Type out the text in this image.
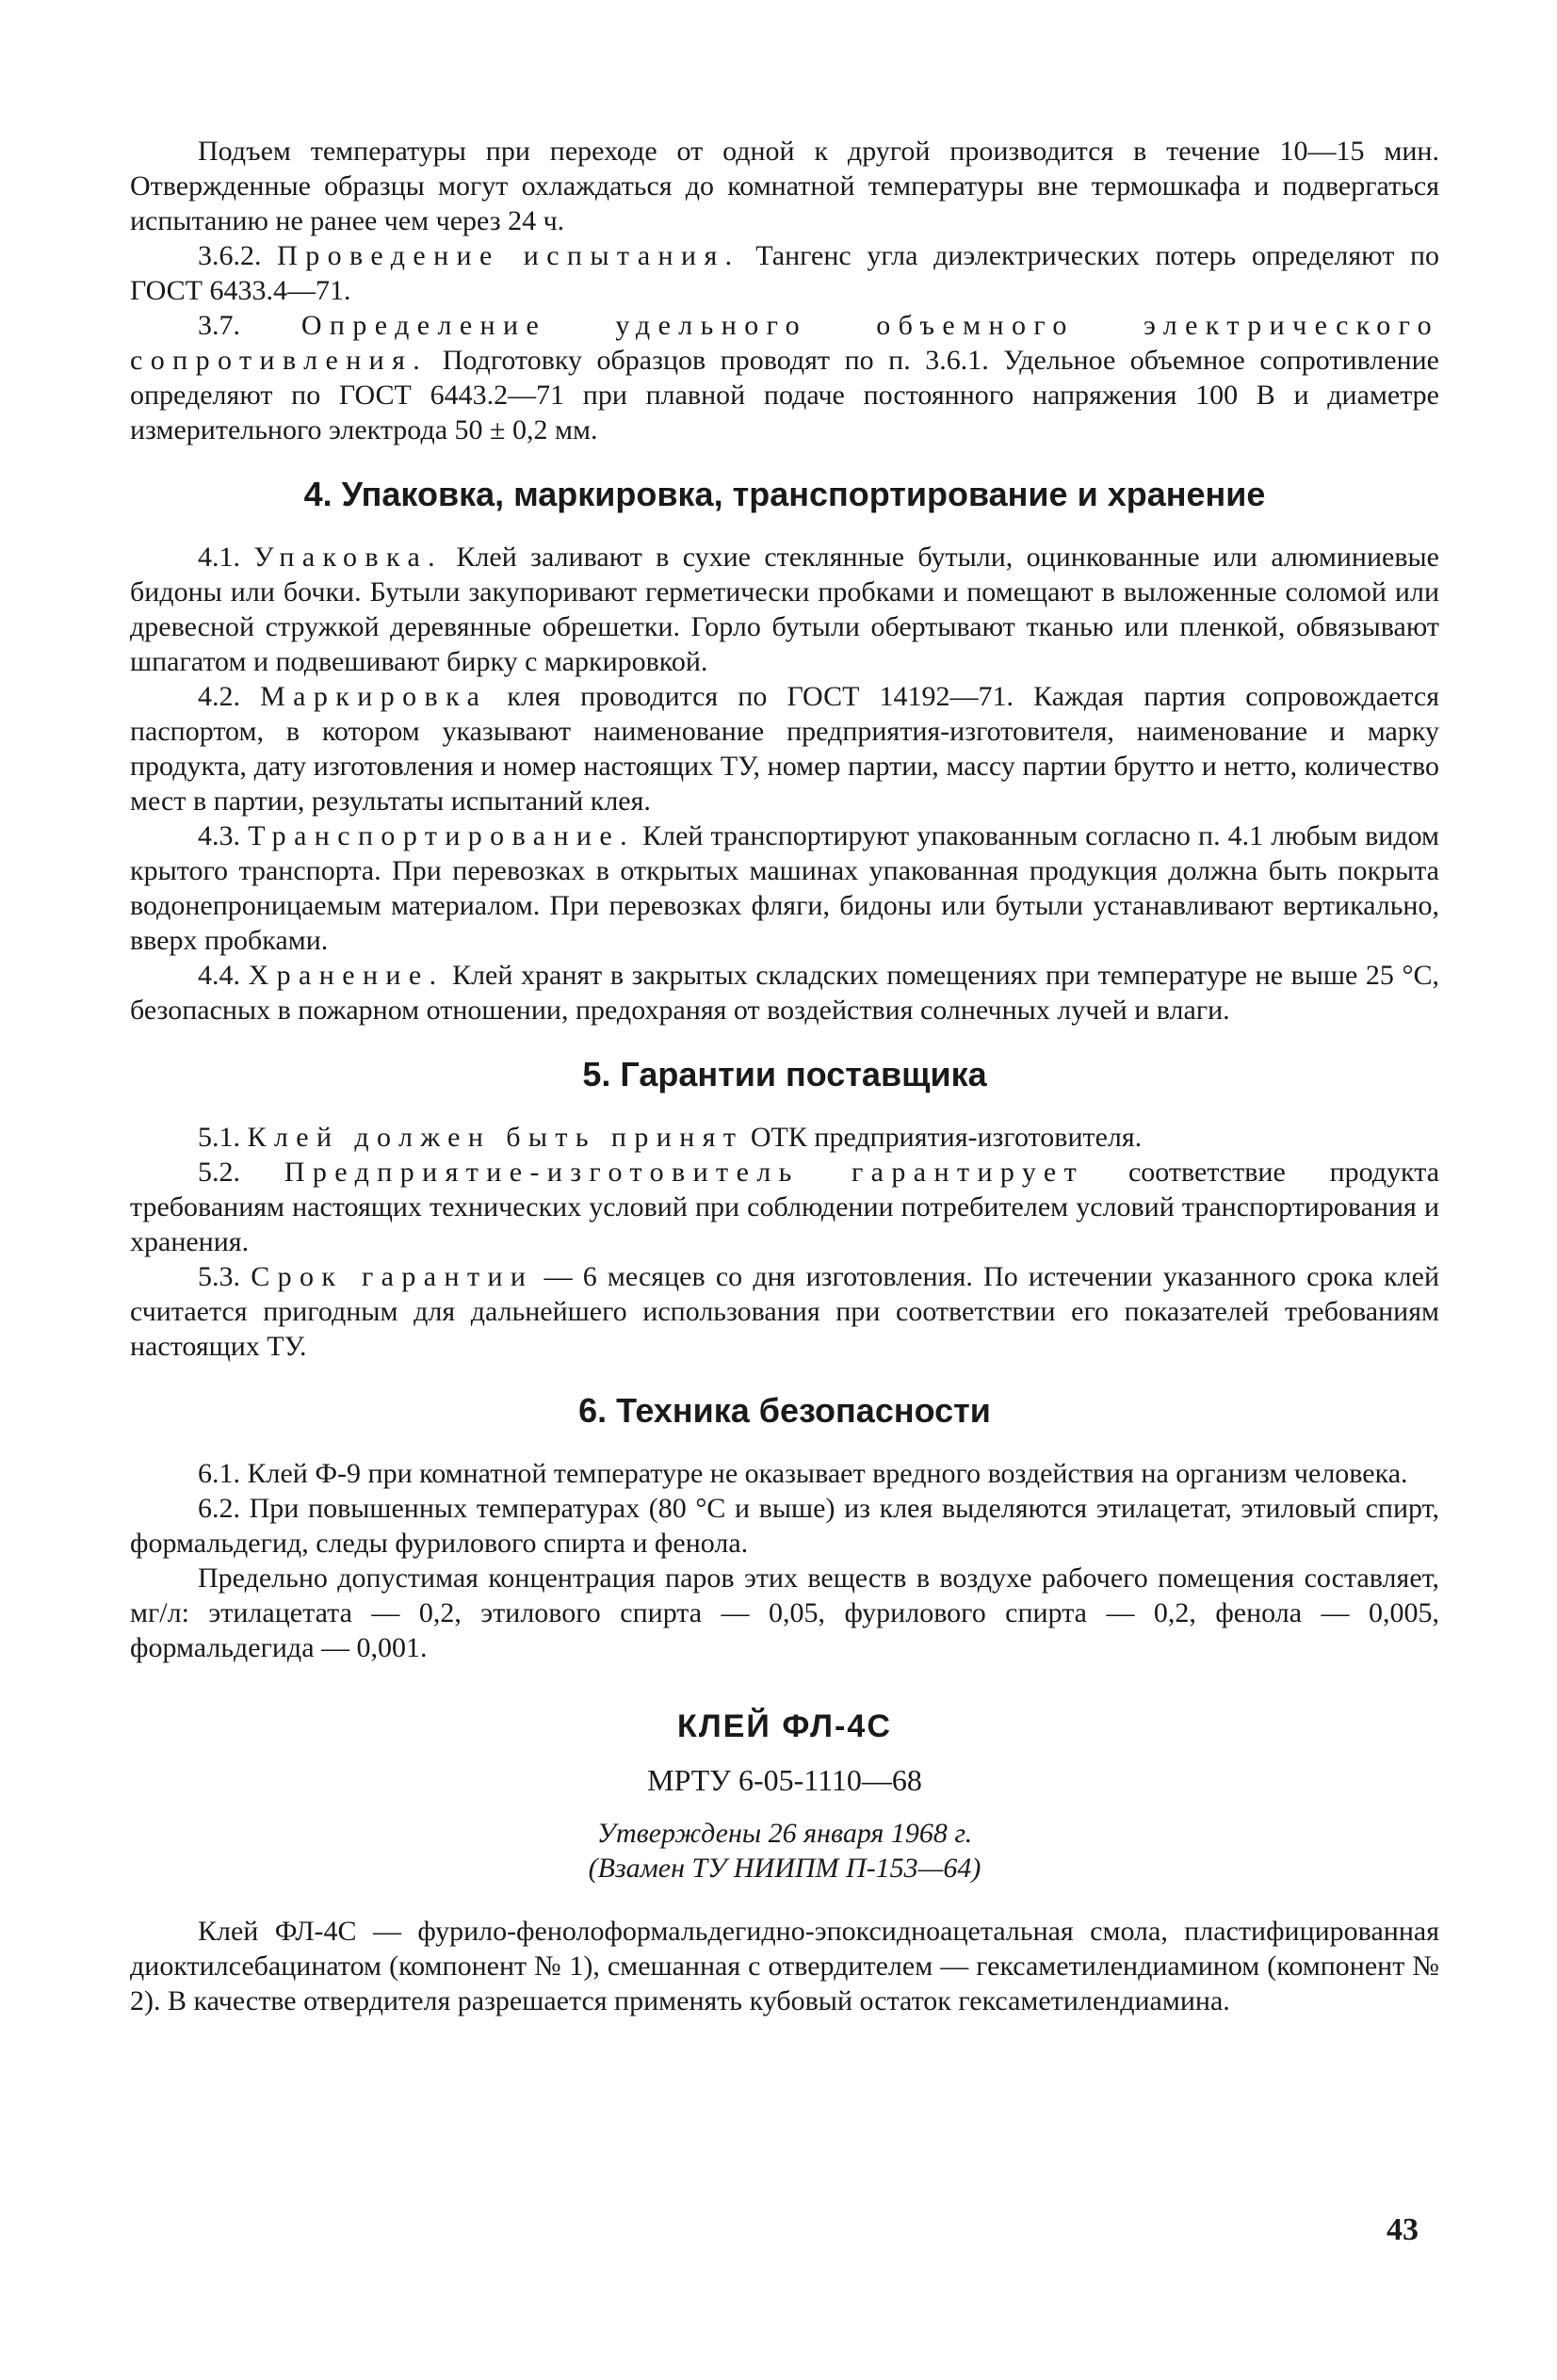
Подъем температуры при переходе от одной к другой производится в течение 10—15 мин. Отвержденные образцы могут охлаждаться до комнатной температуры вне термошкафа и подвергаться испытанию не ранее чем через 24 ч.

3.6.2. Проведение испытания. Тангенс угла диэлектрических потерь определяют по ГОСТ 6433.4—71.

3.7. Определение удельного объемного электрического сопротивления. Подготовку образцов проводят по п. 3.6.1. Удельное объемное сопротивление определяют по ГОСТ 6443.2—71 при плавной подаче постоянного напряжения 100 В и диаметре измерительного электрода 50 ± 0,2 мм.

4. Упаковка, маркировка, транспортирование и хранение

4.1. Упаковка. Клей заливают в сухие стеклянные бутыли, оцинкованные или алюминиевые бидоны или бочки. Бутыли закупоривают герметически пробками и помещают в выложенные соломой или древесной стружкой деревянные обрешетки. Горло бутыли обертывают тканью или пленкой, обвязывают шпагатом и подвешивают бирку с маркировкой.

4.2. Маркировка клея проводится по ГОСТ 14192—71. Каждая партия сопровождается паспортом, в котором указывают наименование предприятия-изготовителя, наименование и марку продукта, дату изготовления и номер настоящих ТУ, номер партии, массу партии брутто и нетто, количество мест в партии, результаты испытаний клея.

4.3. Транспортирование. Клей транспортируют упакованным согласно п. 4.1 любым видом крытого транспорта. При перевозках в открытых машинах упакованная продукция должна быть покрыта водонепроницаемым материалом. При перевозках фляги, бидоны или бутыли устанавливают вертикально, вверх пробками.

4.4. Хранение. Клей хранят в закрытых складских помещениях при температуре не выше 25 °C, безопасных в пожарном отношении, предохраняя от воздействия солнечных лучей и влаги.

5. Гарантии поставщика

5.1. Клей должен быть принят ОТК предприятия-изготовителя.

5.2. Предприятие-изготовитель гарантирует соответствие продукта требованиям настоящих технических условий при соблюдении потребителем условий транспортирования и хранения.

5.3. Срок гарантии — 6 месяцев со дня изготовления. По истечении указанного срока клей считается пригодным для дальнейшего использования при соответствии его показателей требованиям настоящих ТУ.

6. Техника безопасности

6.1. Клей Ф-9 при комнатной температуре не оказывает вредного воздействия на организм человека.

6.2. При повышенных температурах (80 °C и выше) из клея выделяются этилацетат, этиловый спирт, формальдегид, следы фурилового спирта и фенола.

Предельно допустимая концентрация паров этих веществ в воздухе рабочего помещения составляет, мг/л: этилацетата — 0,2, этилового спирта — 0,05, фурилового спирта — 0,2, фенола — 0,005, формальдегида — 0,001.

КЛЕЙ ФЛ-4С

МРТУ 6-05-1110—68

Утверждены 26 января 1968 г.

(Взамен ТУ НИИПМ П-153—64)

Клей ФЛ-4С — фурило-фенолоформальдегидно-эпоксидноацетальная смола, пластифицированная диоктилсебацинатом (компонент № 1), смешанная с отвердителем — гексаметилендиамином (компонент № 2). В качестве отвердителя разрешается применять кубовый остаток гексаметилендиамина.

43
